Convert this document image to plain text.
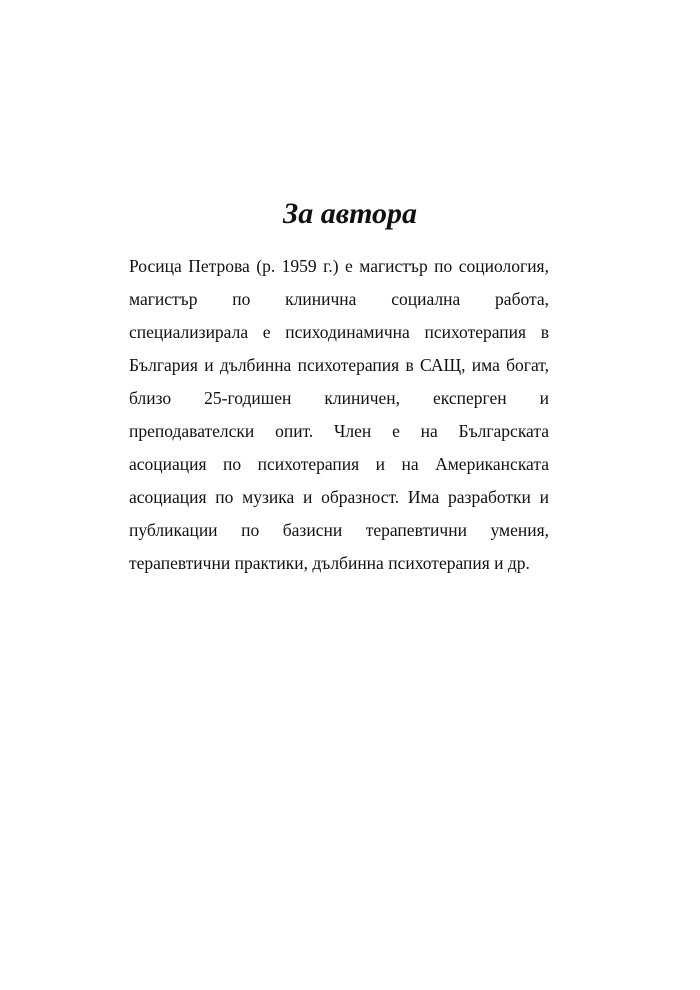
За автора
Росица Петрова (р. 1959 г.) е магистър по социология,
магистър по клинична социална работа,
специализирала е психодинамична психотерапия в
България и дълбинна психотерапия в САЩ, има богат,
близо 25-годишен клиничен, експерген и
преподавателски опит. Член е на Българската
асоциация по психотерапия и на Американската
асоциация по музика и образност. Има разработки и
публикации по базисни терапевтични умения,
терапевтични практики, дълбинна психотерапия и др.
